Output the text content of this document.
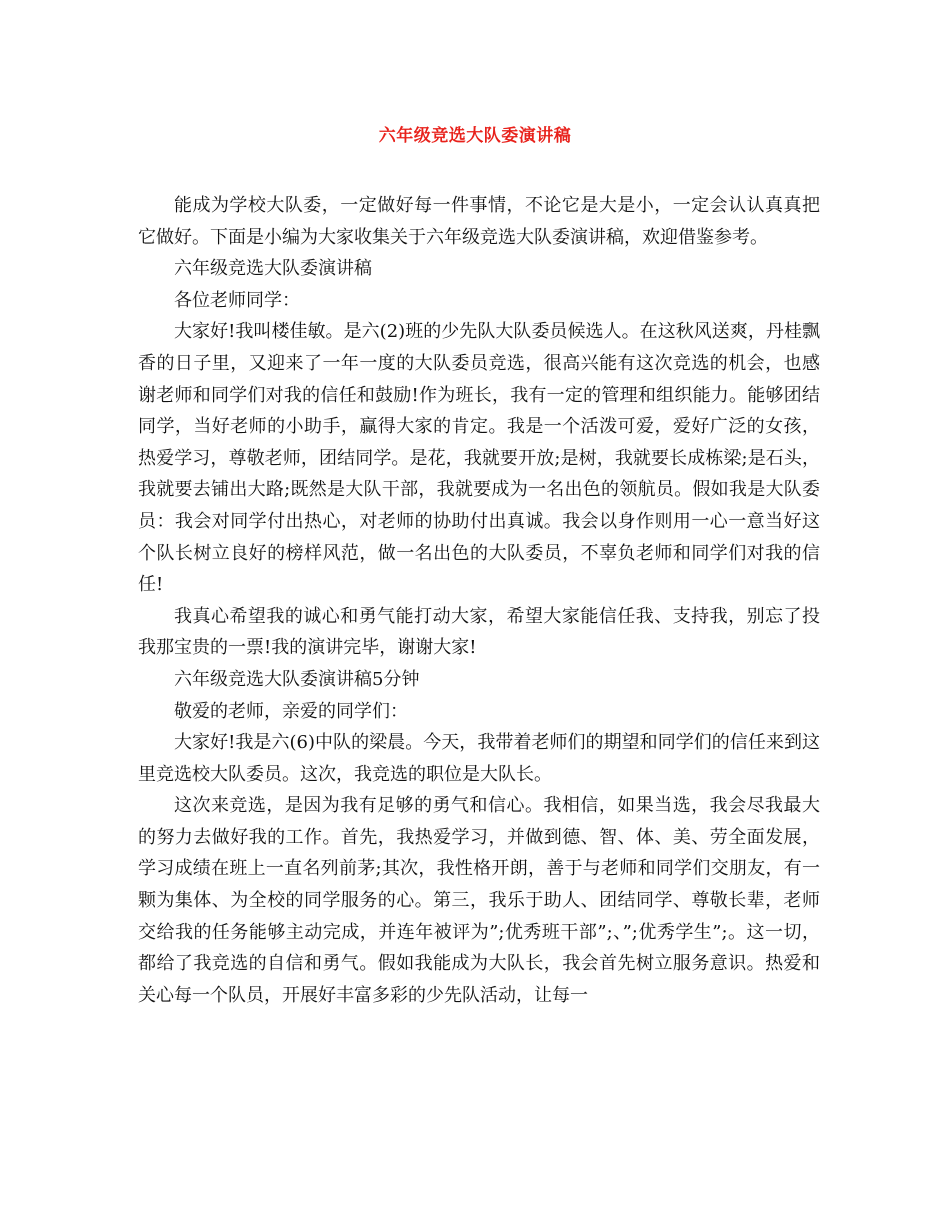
六年级竞选大队委演讲稿

能成为学校大队委，一定做好每一件事情，不论它是大是小，一定会认认真真把它做好。下面是小编为大家收集关于六年级竞选大队委演讲稿，欢迎借鉴参考。

六年级竞选大队委演讲稿

各位老师同学：

大家好!我叫楼佳敏。是六(2)班的少先队大队委员候选人。在这秋风送爽，丹桂飘香的日子里，又迎来了一年一度的大队委员竞选，很高兴能有这次竞选的机会，也感谢老师和同学们对我的信任和鼓励!作为班长，我有一定的管理和组织能力。能够团结同学，当好老师的小助手，赢得大家的肯定。我是一个活泼可爱，爱好广泛的女孩，热爱学习，尊敬老师，团结同学。是花，我就要开放;是树，我就要长成栋梁;是石头，我就要去铺出大路;既然是大队干部，我就要成为一名出色的领航员。假如我是大队委员：我会对同学付出热心，对老师的协助付出真诚。我会以身作则用一心一意当好这个队长树立良好的榜样风范，做一名出色的大队委员，不辜负老师和同学们对我的信任!

我真心希望我的诚心和勇气能打动大家，希望大家能信任我、支持我，别忘了投我那宝贵的一票!我的演讲完毕，谢谢大家!

六年级竞选大队委演讲稿5分钟

敬爱的老师，亲爱的同学们：

大家好!我是六(6)中队的梁晨。今天，我带着老师们的期望和同学们的信任来到这里竞选校大队委员。这次，我竞选的职位是大队长。

这次来竞选，是因为我有足够的勇气和信心。我相信，如果当选，我会尽我最大的努力去做好我的工作。首先，我热爱学习，并做到德、智、体、美、劳全面发展，学习成绩在班上一直名列前茅;其次，我性格开朗，善于与老师和同学们交朋友，有一颗为集体、为全校的同学服务的心。第三，我乐于助人、团结同学、尊敬长辈，老师交给我的任务能够主动完成，并连年被评为”;优秀班干部”;、”;优秀学生”;。这一切，都给了我竞选的自信和勇气。假如我能成为大队长，我会首先树立服务意识。热爱和关心每一个队员，开展好丰富多彩的少先队活动，让每一
